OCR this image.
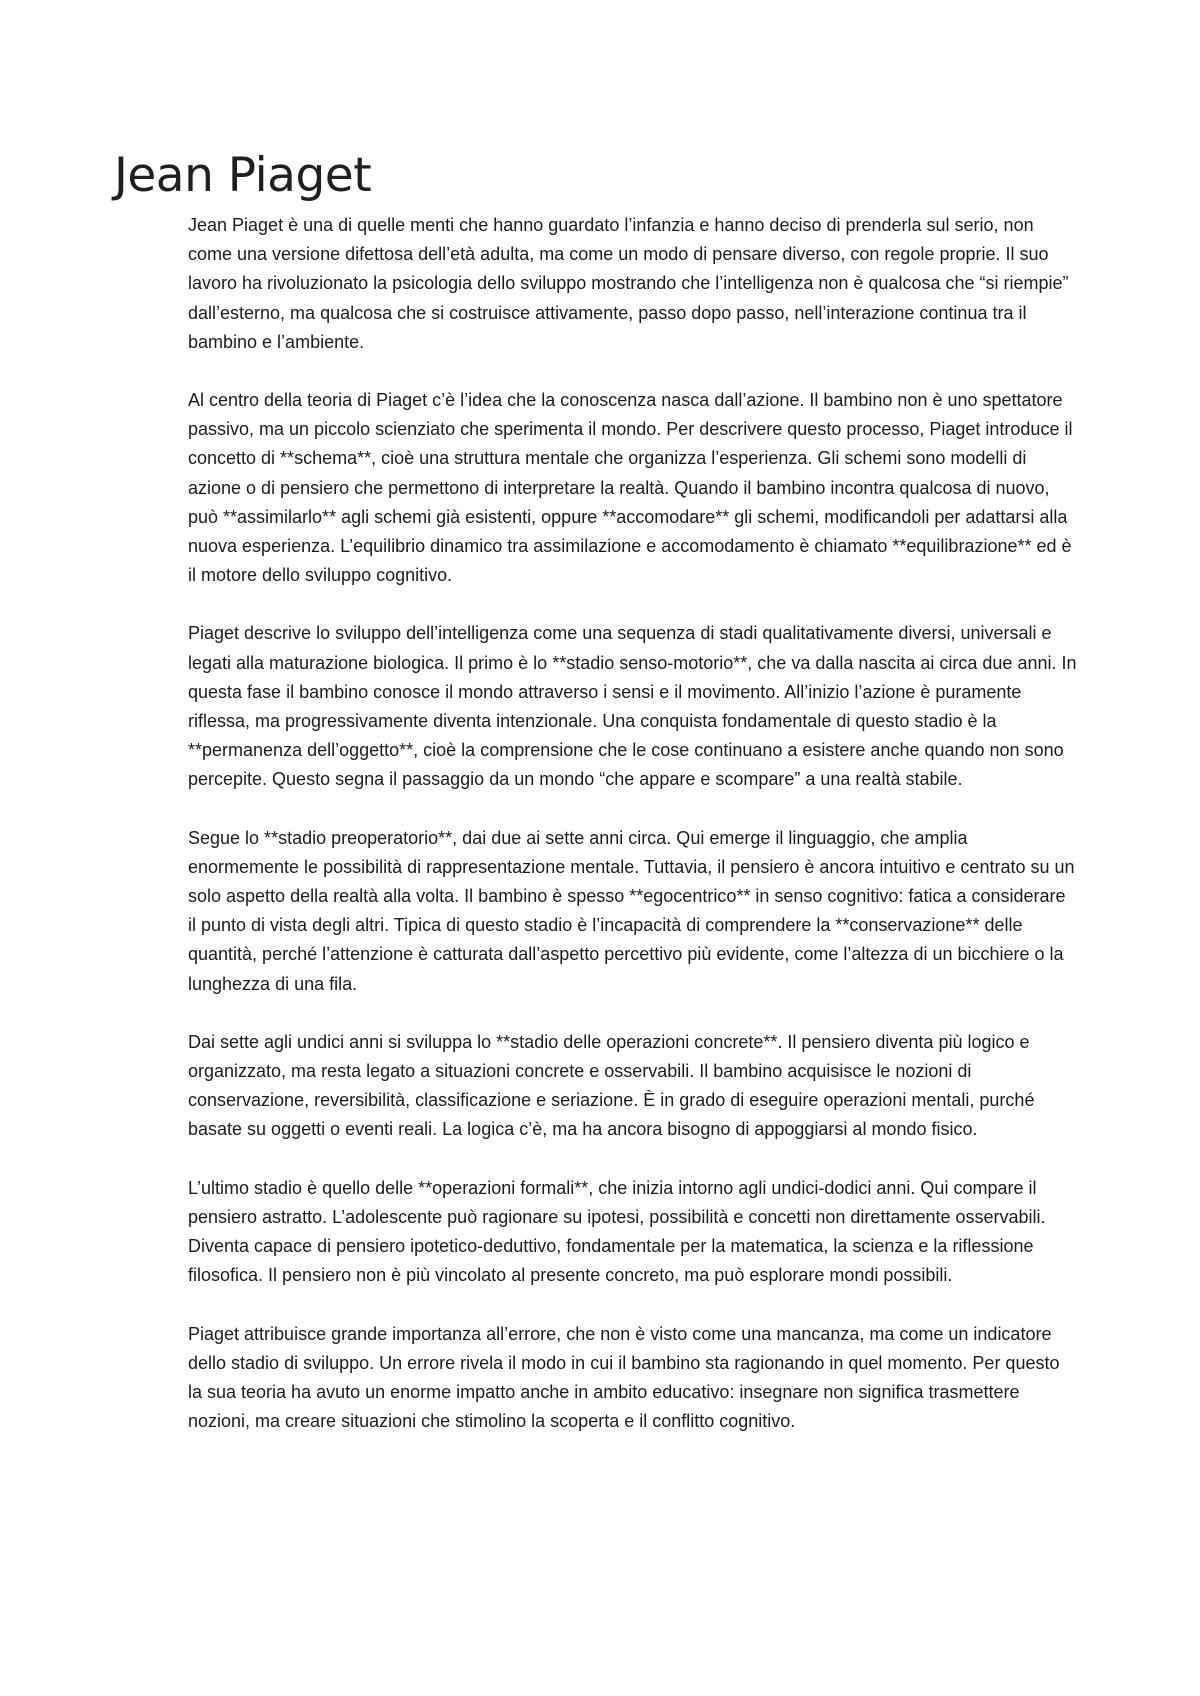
Jean Piaget

Jean Piaget è una di quelle menti che hanno guardato l’infanzia e hanno deciso di prenderla sul serio, non come una versione difettosa dell’età adulta, ma come un modo di pensare diverso, con regole proprie. Il suo lavoro ha rivoluzionato la psicologia dello sviluppo mostrando che l’intelligenza non è qualcosa che “si riempie” dall’esterno, ma qualcosa che si costruisce attivamente, passo dopo passo, nell’interazione continua tra il bambino e l’ambiente.

Al centro della teoria di Piaget c’è l’idea che la conoscenza nasca dall’azione. Il bambino non è uno spettatore passivo, ma un piccolo scienziato che sperimenta il mondo. Per descrivere questo processo, Piaget introduce il concetto di **schema**, cioè una struttura mentale che organizza l’esperienza. Gli schemi sono modelli di azione o di pensiero che permettono di interpretare la realtà. Quando il bambino incontra qualcosa di nuovo, può **assimilarlo** agli schemi già esistenti, oppure **accomodare** gli schemi, modificandoli per adattarsi alla nuova esperienza. L’equilibrio dinamico tra assimilazione e accomodamento è chiamato **equilibrazione** ed è il motore dello sviluppo cognitivo.

Piaget descrive lo sviluppo dell’intelligenza come una sequenza di stadi qualitativamente diversi, universali e legati alla maturazione biologica. Il primo è lo **stadio senso-motorio**, che va dalla nascita ai circa due anni. In questa fase il bambino conosce il mondo attraverso i sensi e il movimento. All’inizio l’azione è puramente riflessa, ma progressivamente diventa intenzionale. Una conquista fondamentale di questo stadio è la **permanenza dell’oggetto**, cioè la comprensione che le cose continuano a esistere anche quando non sono percepite. Questo segna il passaggio da un mondo “che appare e scompare” a una realtà stabile.

Segue lo **stadio preoperatorio**, dai due ai sette anni circa. Qui emerge il linguaggio, che amplia enormemente le possibilità di rappresentazione mentale. Tuttavia, il pensiero è ancora intuitivo e centrato su un solo aspetto della realtà alla volta. Il bambino è spesso **egocentrico** in senso cognitivo: fatica a considerare il punto di vista degli altri. Tipica di questo stadio è l’incapacità di comprendere la **conservazione** delle quantità, perché l’attenzione è catturata dall’aspetto percettivo più evidente, come l’altezza di un bicchiere o la lunghezza di una fila.

Dai sette agli undici anni si sviluppa lo **stadio delle operazioni concrete**. Il pensiero diventa più logico e organizzato, ma resta legato a situazioni concrete e osservabili. Il bambino acquisisce le nozioni di conservazione, reversibilità, classificazione e seriazione. È in grado di eseguire operazioni mentali, purché basate su oggetti o eventi reali. La logica c’è, ma ha ancora bisogno di appoggiarsi al mondo fisico.

L’ultimo stadio è quello delle **operazioni formali**, che inizia intorno agli undici-dodici anni. Qui compare il pensiero astratto. L’adolescente può ragionare su ipotesi, possibilità e concetti non direttamente osservabili. Diventa capace di pensiero ipotetico-deduttivo, fondamentale per la matematica, la scienza e la riflessione filosofica. Il pensiero non è più vincolato al presente concreto, ma può esplorare mondi possibili.

Piaget attribuisce grande importanza all’errore, che non è visto come una mancanza, ma come un indicatore dello stadio di sviluppo. Un errore rivela il modo in cui il bambino sta ragionando in quel momento. Per questo la sua teoria ha avuto un enorme impatto anche in ambito educativo: insegnare non significa trasmettere nozioni, ma creare situazioni che stimolino la scoperta e il conflitto cognitivo.
